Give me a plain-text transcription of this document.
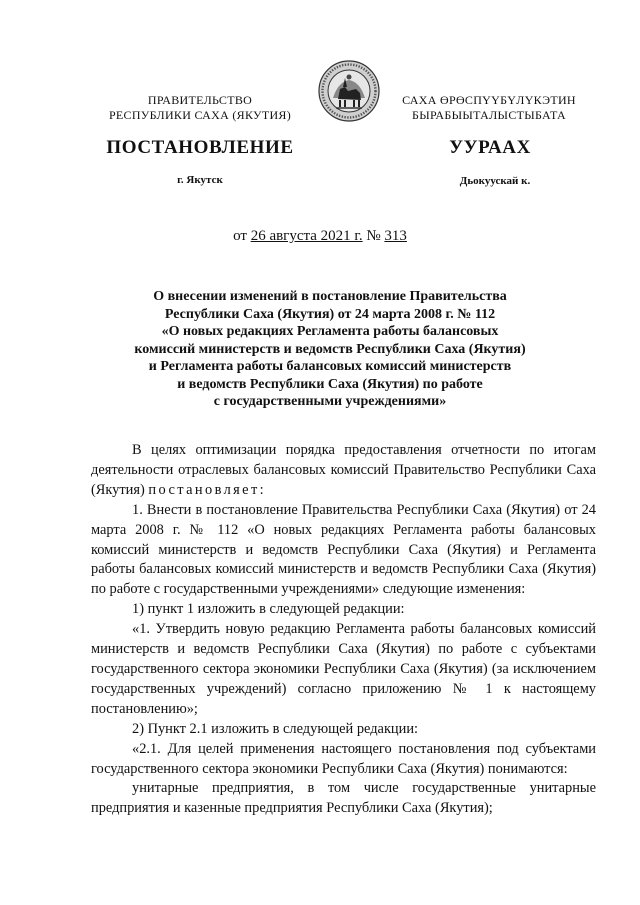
ПРАВИТЕЛЬСТВО
РЕСПУБЛИКИ САХА (ЯКУТИЯ)
САХА ӨРӨСПҮҮБҮЛҮКЭТИН
БЫРАБЫЫТАЛЫСТЫБАТА
ПОСТАНОВЛЕНИЕ	УУРААХ
г. Якутск	Дьокуускай к.
от 26 августа 2021 г. № 313
О внесении изменений в постановление Правительства
Республики Саха (Якутия) от 24 марта 2008 г. № 112
«О новых редакциях Регламента работы балансовых
комиссий министерств и ведомств Республики Саха (Якутия)
и Регламента работы балансовых комиссий министерств
и ведомств Республики Саха (Якутия) по работе
с государственными учреждениями»

В целях оптимизации порядка предоставления отчетности по итогам деятельности отраслевых балансовых комиссий Правительство Республики Саха (Якутия) постановляет:

1. Внести в постановление Правительства Республики Саха (Якутия) от 24 марта 2008 г. № 112 «О новых редакциях Регламента работы балансовых комиссий министерств и ведомств Республики Саха (Якутия) и Регламента работы балансовых комиссий министерств и ведомств Республики Саха (Якутия) по работе с государственными учреждениями» следующие изменения:

1) пункт 1 изложить в следующей редакции:

«1. Утвердить новую редакцию Регламента работы балансовых комиссий министерств и ведомств Республики Саха (Якутия) по работе с субъектами государственного сектора экономики Республики Саха (Якутия) (за исключением государственных учреждений) согласно приложению № 1 к настоящему постановлению»;

2) Пункт 2.1 изложить в следующей редакции:

«2.1. Для целей применения настоящего постановления под субъектами государственного сектора экономики Республики Саха (Якутия) понимаются:

унитарные предприятия, в том числе государственные унитарные предприятия и казенные предприятия Республики Саха (Якутия);
